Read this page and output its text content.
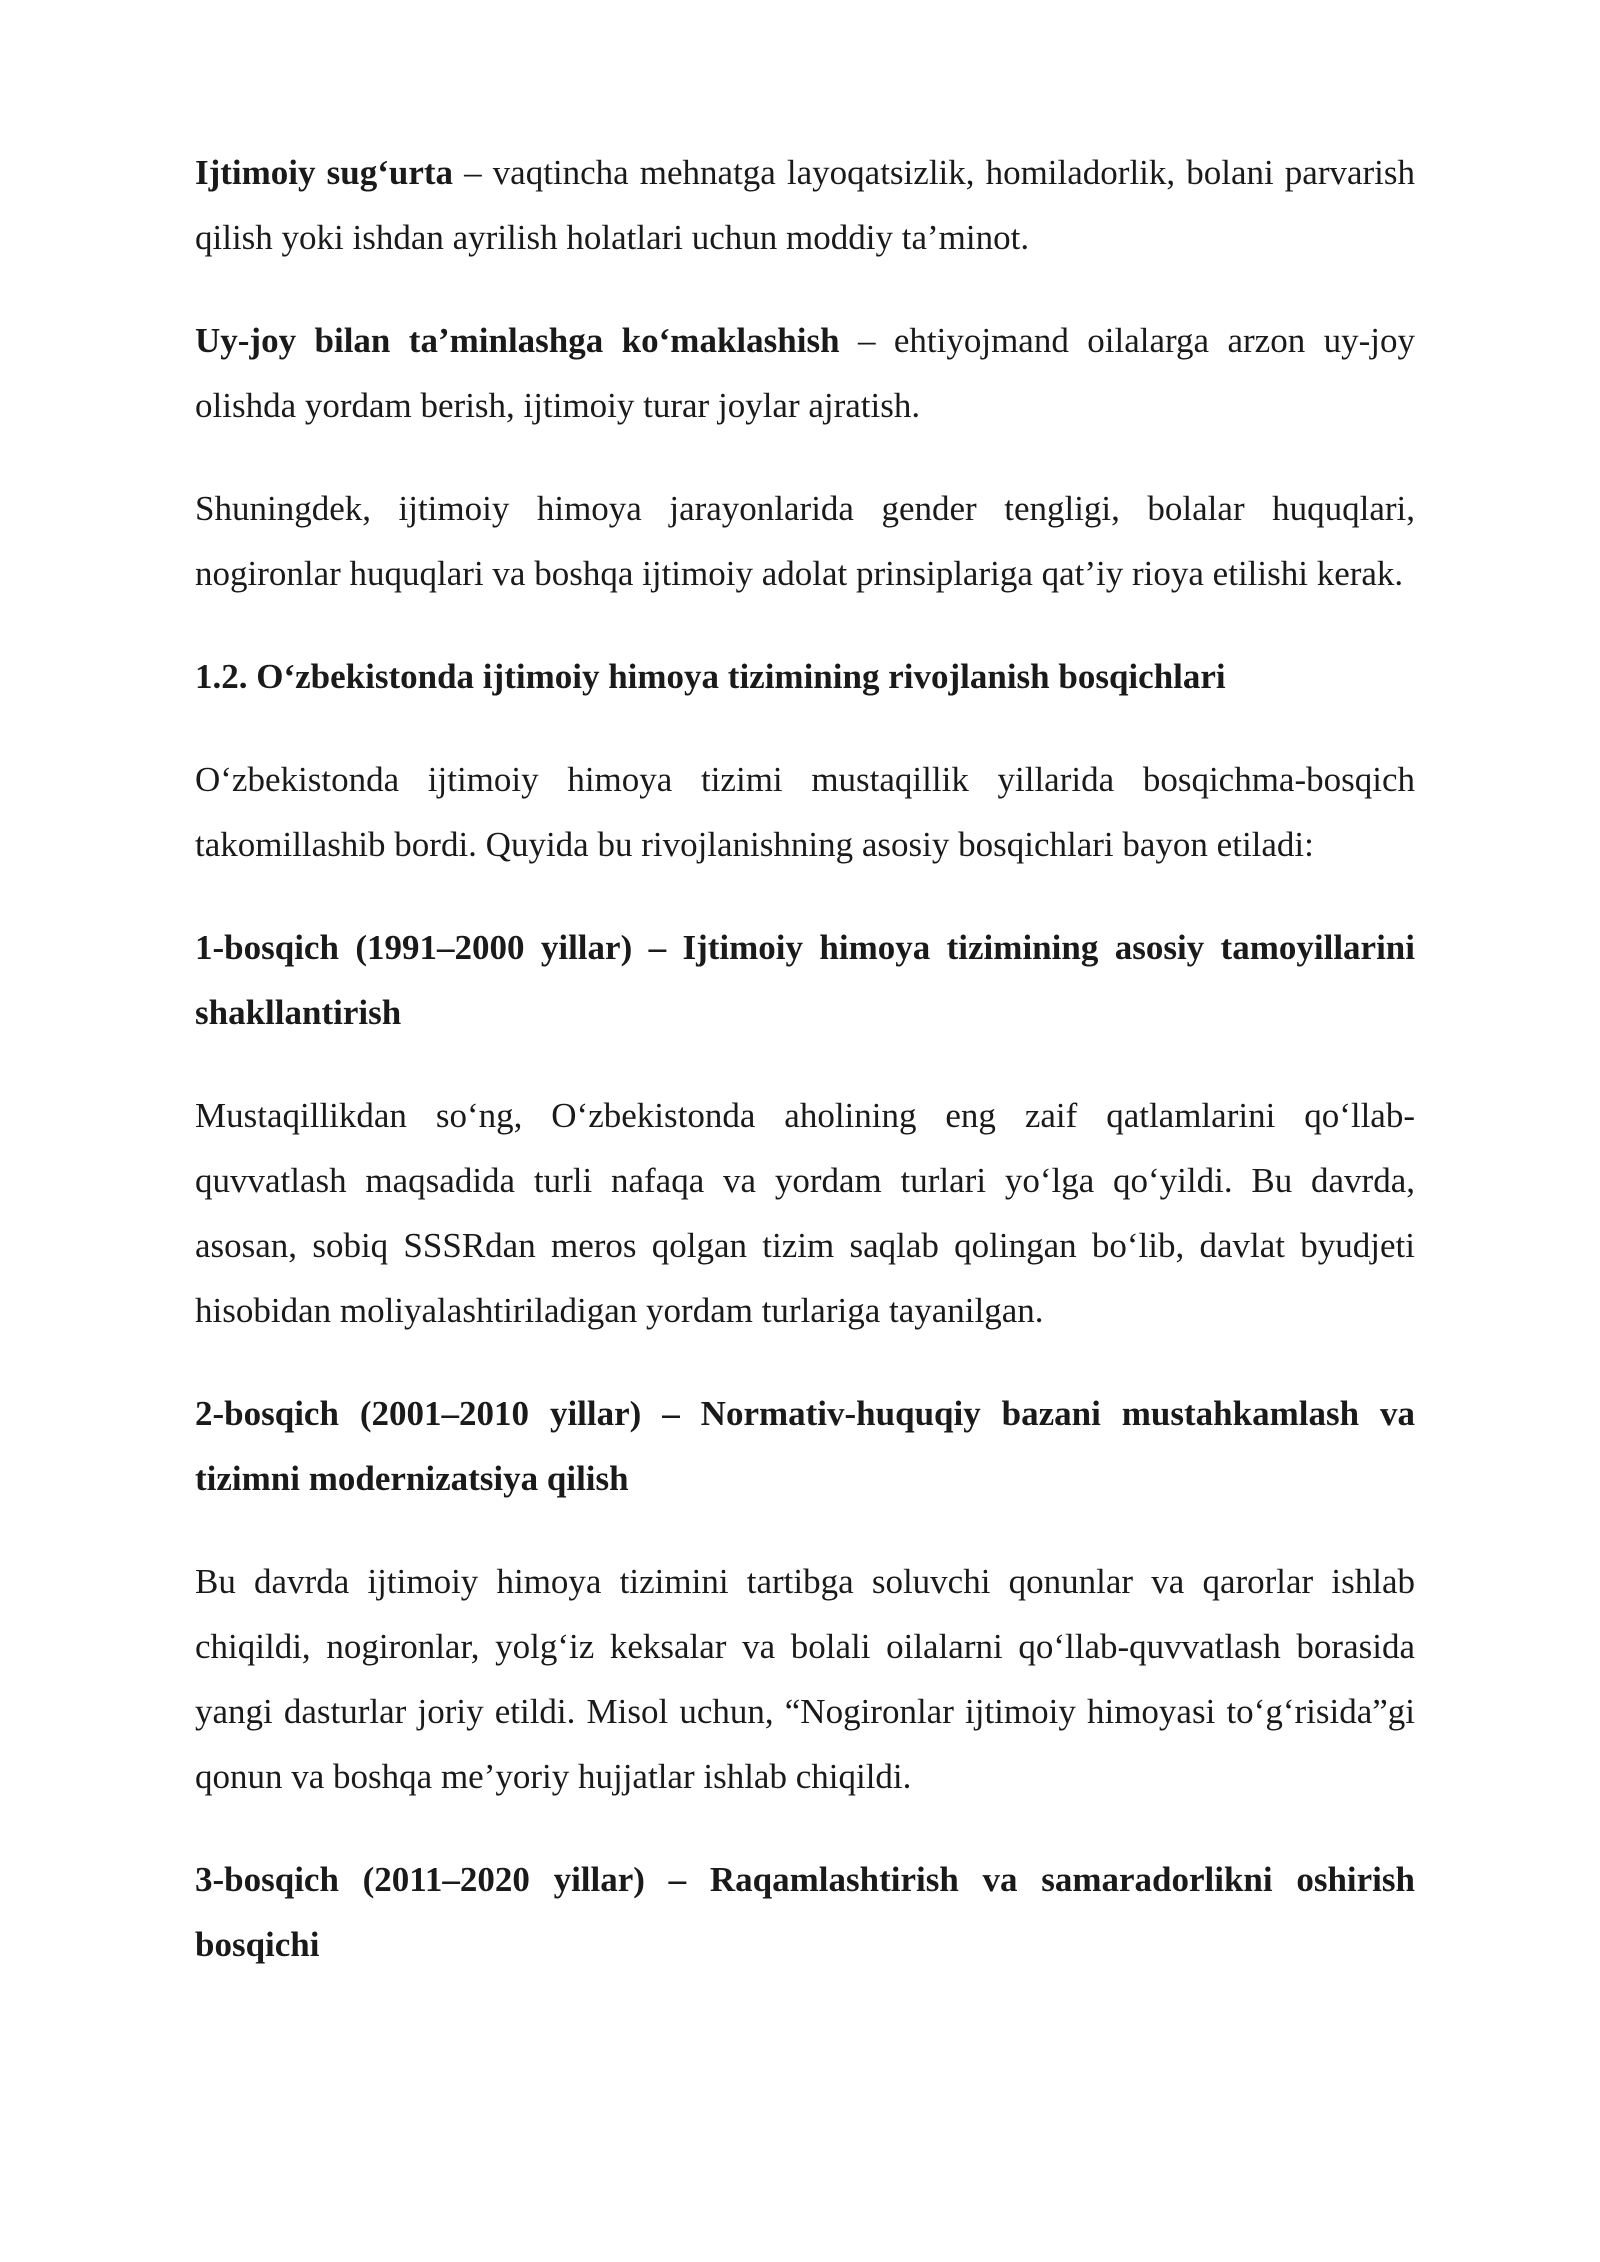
Ijtimoiy sug‘urta – vaqtincha mehnatga layoqatsizlik, homiladorlik, bolani parvarish qilish yoki ishdan ayrilish holatlari uchun moddiy ta’minot.

Uy-joy bilan ta’minlashga ko‘maklashish – ehtiyojmand oilalarga arzon uy-joy olishda yordam berish, ijtimoiy turar joylar ajratish.

Shuningdek, ijtimoiy himoya jarayonlarida gender tengligi, bolalar huquqlari, nogironlar huquqlari va boshqa ijtimoiy adolat prinsiplariga qat’iy rioya etilishi kerak.

1.2. O‘zbekistonda ijtimoiy himoya tizimining rivojlanish bosqichlari

O‘zbekistonda ijtimoiy himoya tizimi mustaqillik yillarida bosqichma-bosqich takomillashib bordi. Quyida bu rivojlanishning asosiy bosqichlari bayon etiladi:

1-bosqich (1991–2000 yillar) – Ijtimoiy himoya tizimining asosiy tamoyillarini shakllantirish

Mustaqillikdan so‘ng, O‘zbekistonda aholining eng zaif qatlamlarini qo‘llab-quvvatlash maqsadida turli nafaqa va yordam turlari yo‘lga qo‘yildi. Bu davrda, asosan, sobiq SSSRdan meros qolgan tizim saqlab qolingan bo‘lib, davlat byudjeti hisobidan moliyalashtiriladigan yordam turlariga tayanilgan.

2-bosqich (2001–2010 yillar) – Normativ-huquqiy bazani mustahkamlash va tizimni modernizatsiya qilish

Bu davrda ijtimoiy himoya tizimini tartibga soluvchi qonunlar va qarorlar ishlab chiqildi, nogironlar, yolg‘iz keksalar va bolali oilalarni qo‘llab-quvvatlash borasida yangi dasturlar joriy etildi. Misol uchun, “Nogironlar ijtimoiy himoyasi to‘g‘risida”gi qonun va boshqa me’yoriy hujjatlar ishlab chiqildi.

3-bosqich (2011–2020 yillar) – Raqamlashtirish va samaradorlikni oshirish bosqichi
